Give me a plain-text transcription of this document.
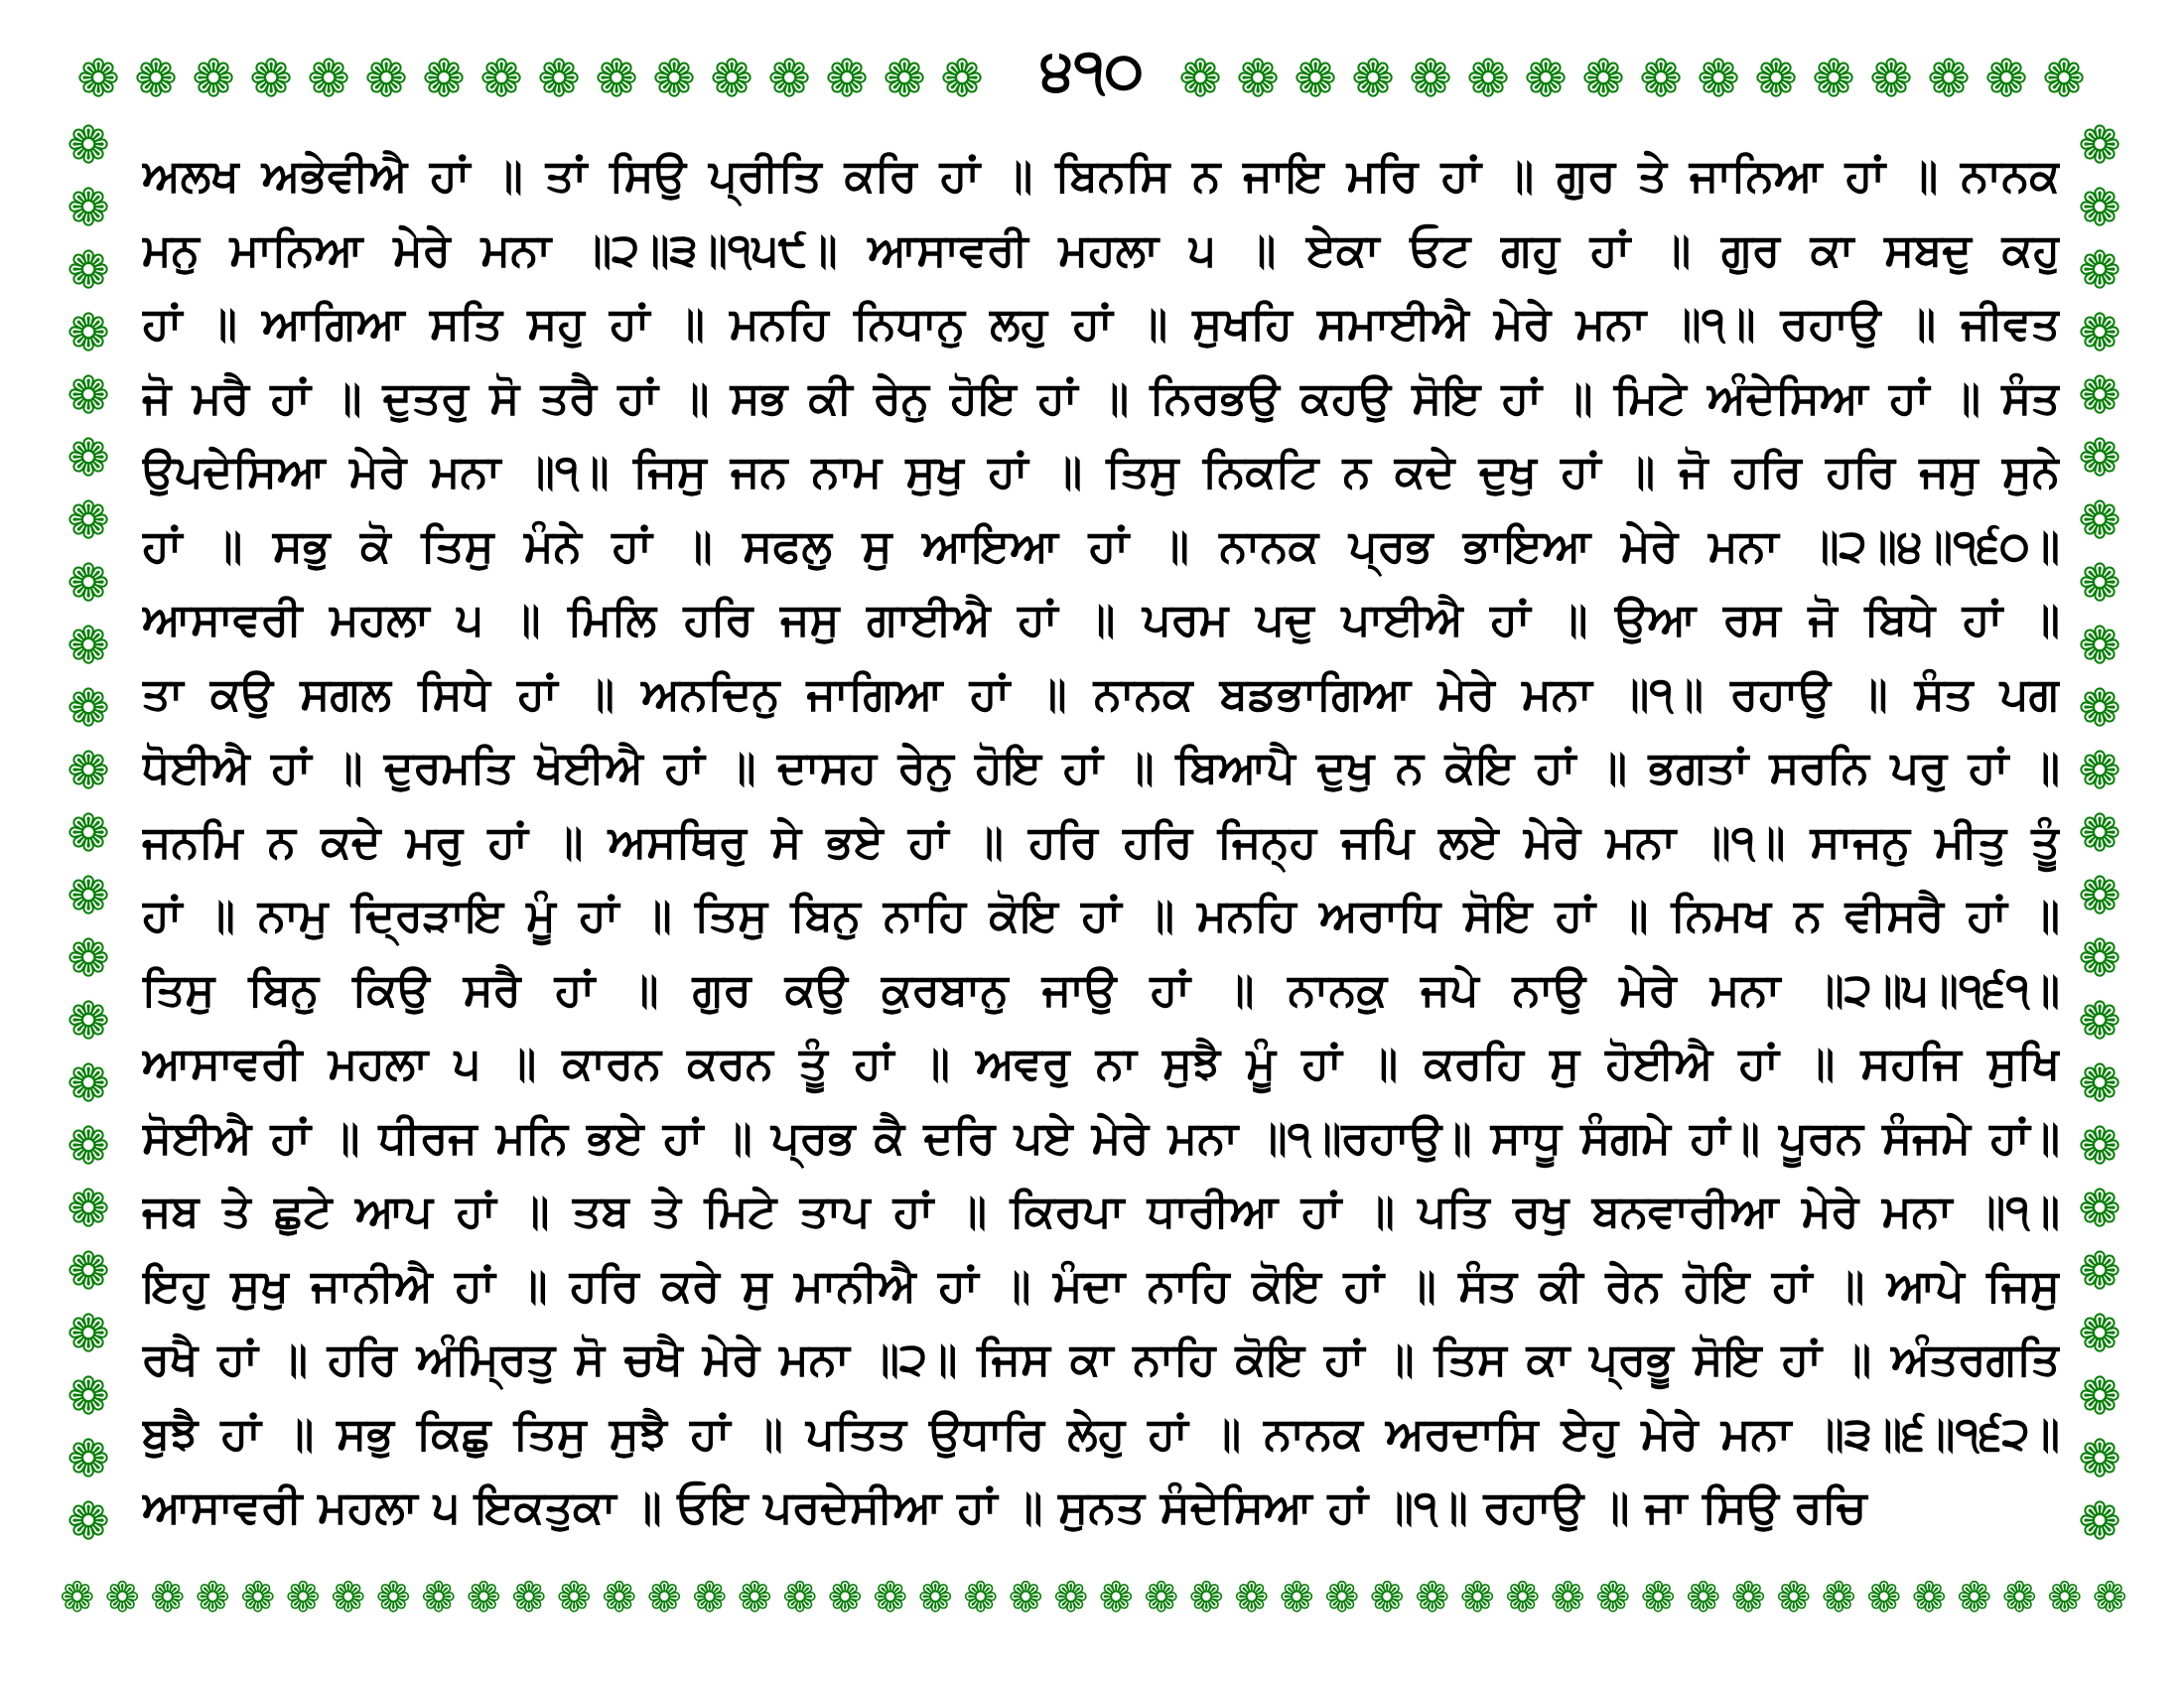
❁ ❁ ❁ ❁ ❁ ❁ ❁ ❁ ❁ ❁ ❁ ❁ ❁ ❁ ❁ ❁ ੪੧੦ ❁ ❁ ❁ ❁ ❁ ❁ ❁ ❁ ❁ ❁ ❁ ❁ ❁ ❁ ❁ ❁
❁
❁
❁
❁
❁
❁
❁
❁
❁
❁
❁
❁
❁
❁
❁
❁
❁
❁
❁
❁
❁
❁
❁
❁
❁
❁
❁
❁
❁
❁
❁
❁
❁
❁
❁
❁
❁
❁
❁
❁
❁
❁
❁
❁
❁
❁
❁ ❁ ❁ ❁ ❁ ❁ ❁ ❁ ❁ ❁ ❁ ❁ ❁ ❁ ❁ ❁ ❁ ❁ ❁ ❁ ❁ ❁ ❁ ❁ ❁ ❁ ❁ ❁ ❁ ❁ ❁ ❁ ❁ ❁ ❁ ❁ ❁ ❁ ❁ ❁ ❁ ❁ ❁ ❁ ❁ ❁
ਅਲਖ ਅਭੇਵੀਐ ਹਾਂ ॥ ਤਾਂ ਸਿਉ ਪ੍ਰੀਤਿ ਕਰਿ ਹਾਂ ॥ ਬਿਨਸਿ ਨ ਜਾਇ ਮਰਿ ਹਾਂ ॥ ਗੁਰ ਤੇ ਜਾਨਿਆ ਹਾਂ ॥ ਨਾਨਕ
ਮਨੁ ਮਾਨਿਆ ਮੇਰੇ ਮਨਾ ॥੨॥੩॥੧੫੯॥ ਆਸਾਵਰੀ ਮਹਲਾ ੫ ॥ ਏਕਾ ਓਟ ਗਹੁ ਹਾਂ ॥ ਗੁਰ ਕਾ ਸਬਦੁ ਕਹੁ
ਹਾਂ ॥ ਆਗਿਆ ਸਤਿ ਸਹੁ ਹਾਂ ॥ ਮਨਹਿ ਨਿਧਾਨੁ ਲਹੁ ਹਾਂ ॥ ਸੁਖਹਿ ਸਮਾਈਐ ਮੇਰੇ ਮਨਾ ॥੧॥ ਰਹਾਉ ॥ ਜੀਵਤ
ਜੋ ਮਰੈ ਹਾਂ ॥ ਦੁਤਰੁ ਸੋ ਤਰੈ ਹਾਂ ॥ ਸਭ ਕੀ ਰੇਨੁ ਹੋਇ ਹਾਂ ॥ ਨਿਰਭਉ ਕਹਉ ਸੋਇ ਹਾਂ ॥ ਮਿਟੇ ਅੰਦੇਸਿਆ ਹਾਂ ॥ ਸੰਤ
ਉਪਦੇਸਿਆ ਮੇਰੇ ਮਨਾ ॥੧॥ ਜਿਸੁ ਜਨ ਨਾਮ ਸੁਖੁ ਹਾਂ ॥ ਤਿਸੁ ਨਿਕਟਿ ਨ ਕਦੇ ਦੁਖੁ ਹਾਂ ॥ ਜੋ ਹਰਿ ਹਰਿ ਜਸੁ ਸੁਨੇ
ਹਾਂ ॥ ਸਭੁ ਕੋ ਤਿਸੁ ਮੰਨੇ ਹਾਂ ॥ ਸਫਲੁ ਸੁ ਆਇਆ ਹਾਂ ॥ ਨਾਨਕ ਪ੍ਰਭ ਭਾਇਆ ਮੇਰੇ ਮਨਾ ॥੨॥੪॥੧੬੦॥
ਆਸਾਵਰੀ ਮਹਲਾ ੫ ॥ ਮਿਲਿ ਹਰਿ ਜਸੁ ਗਾਈਐ ਹਾਂ ॥ ਪਰਮ ਪਦੁ ਪਾਈਐ ਹਾਂ ॥ ਉਆ ਰਸ ਜੋ ਬਿਧੇ ਹਾਂ ॥
ਤਾ ਕਉ ਸਗਲ ਸਿਧੇ ਹਾਂ ॥ ਅਨਦਿਨੁ ਜਾਗਿਆ ਹਾਂ ॥ ਨਾਨਕ ਬਡਭਾਗਿਆ ਮੇਰੇ ਮਨਾ ॥੧॥ ਰਹਾਉ ॥ ਸੰਤ ਪਗ
ਧੋਈਐ ਹਾਂ ॥ ਦੁਰਮਤਿ ਖੋਈਐ ਹਾਂ ॥ ਦਾਸਹ ਰੇਨੁ ਹੋਇ ਹਾਂ ॥ ਬਿਆਪੈ ਦੁਖੁ ਨ ਕੋਇ ਹਾਂ ॥ ਭਗਤਾਂ ਸਰਨਿ ਪਰੁ ਹਾਂ ॥
ਜਨਮਿ ਨ ਕਦੇ ਮਰੁ ਹਾਂ ॥ ਅਸਥਿਰੁ ਸੇ ਭਏ ਹਾਂ ॥ ਹਰਿ ਹਰਿ ਜਿਨ੍ਹ ਜਪਿ ਲਏ ਮੇਰੇ ਮਨਾ ॥੧॥ ਸਾਜਨੁ ਮੀਤੁ ਤੂੰ
ਹਾਂ ॥ ਨਾਮੁ ਦ੍ਰਿੜਾਇ ਮੂੰ ਹਾਂ ॥ ਤਿਸੁ ਬਿਨੁ ਨਾਹਿ ਕੋਇ ਹਾਂ ॥ ਮਨਹਿ ਅਰਾਧਿ ਸੋਇ ਹਾਂ ॥ ਨਿਮਖ ਨ ਵੀਸਰੈ ਹਾਂ ॥
ਤਿਸੁ ਬਿਨੁ ਕਿਉ ਸਰੈ ਹਾਂ ॥ ਗੁਰ ਕਉ ਕੁਰਬਾਨੁ ਜਾਉ ਹਾਂ ॥ ਨਾਨਕੁ ਜਪੇ ਨਾਉ ਮੇਰੇ ਮਨਾ ॥੨॥੫॥੧੬੧॥
ਆਸਾਵਰੀ ਮਹਲਾ ੫ ॥ ਕਾਰਨ ਕਰਨ ਤੂੰ ਹਾਂ ॥ ਅਵਰੁ ਨਾ ਸੁਝੈ ਮੂੰ ਹਾਂ ॥ ਕਰਹਿ ਸੁ ਹੋਈਐ ਹਾਂ ॥ ਸਹਜਿ ਸੁਖਿ
ਸੋਈਐ ਹਾਂ ॥ ਧੀਰਜ ਮਨਿ ਭਏ ਹਾਂ ॥ ਪ੍ਰਭ ਕੈ ਦਰਿ ਪਏ ਮੇਰੇ ਮਨਾ ॥੧॥ਰਹਾਉ॥ ਸਾਧੂ ਸੰਗਮੇ ਹਾਂ॥ ਪੂਰਨ ਸੰਜਮੇ ਹਾਂ॥
ਜਬ ਤੇ ਛੁਟੇ ਆਪ ਹਾਂ ॥ ਤਬ ਤੇ ਮਿਟੇ ਤਾਪ ਹਾਂ ॥ ਕਿਰਪਾ ਧਾਰੀਆ ਹਾਂ ॥ ਪਤਿ ਰਖੁ ਬਨਵਾਰੀਆ ਮੇਰੇ ਮਨਾ ॥੧॥
ਇਹੁ ਸੁਖੁ ਜਾਨੀਐ ਹਾਂ ॥ ਹਰਿ ਕਰੇ ਸੁ ਮਾਨੀਐ ਹਾਂ ॥ ਮੰਦਾ ਨਾਹਿ ਕੋਇ ਹਾਂ ॥ ਸੰਤ ਕੀ ਰੇਨ ਹੋਇ ਹਾਂ ॥ ਆਪੇ ਜਿਸੁ
ਰਖੈ ਹਾਂ ॥ ਹਰਿ ਅੰਮ੍ਰਿਤੁ ਸੋ ਚਖੈ ਮੇਰੇ ਮਨਾ ॥੨॥ ਜਿਸ ਕਾ ਨਾਹਿ ਕੋਇ ਹਾਂ ॥ ਤਿਸ ਕਾ ਪ੍ਰਭੂ ਸੋਇ ਹਾਂ ॥ ਅੰਤਰਗਤਿ
ਬੁਝੈ ਹਾਂ ॥ ਸਭੁ ਕਿਛੁ ਤਿਸੁ ਸੁਝੈ ਹਾਂ ॥ ਪਤਿਤ ਉਧਾਰਿ ਲੇਹੁ ਹਾਂ ॥ ਨਾਨਕ ਅਰਦਾਸਿ ਏਹੁ ਮੇਰੇ ਮਨਾ ॥੩॥੬॥੧੬੨॥
ਆਸਾਵਰੀ ਮਹਲਾ ੫ ਇਕਤੁਕਾ ॥ ਓਇ ਪਰਦੇਸੀਆ ਹਾਂ ॥ ਸੁਨਤ ਸੰਦੇਸਿਆ ਹਾਂ ॥੧॥ ਰਹਾਉ ॥ ਜਾ ਸਿਉ ਰਚਿ
